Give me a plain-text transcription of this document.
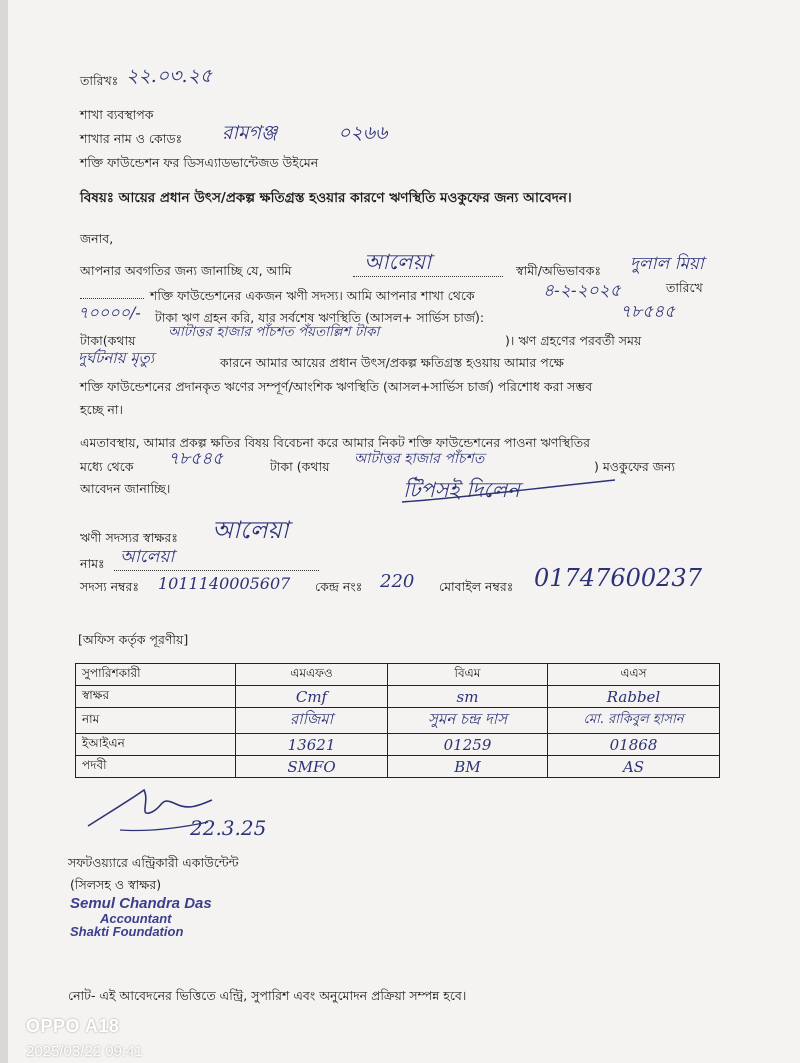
তারিখঃ ২২.০৩.২৫
শাখা ব্যবস্থাপক
শাখার নাম ও কোডঃ রামগঞ্জ	০২৬৬
শক্তি ফাউন্ডেশন ফর ডিসএ্যাডভান্টেজড উইমেন
বিষয়ঃ আয়ের প্রধান উৎস/প্রকল্প ক্ষতিগ্রস্ত হওয়ার কারণে ঋণস্থিতি মওকুফের জন্য আবেদন।
জনাব,
আপনার অবগতির জন্য জানাচ্ছি যে, আমি	আলেয়া	স্বামী/অভিভাবকঃ দুলাল মিয়া
শক্তি ফাউন্ডেশনের একজন ঋণী সদস্য। আমি আপনার শাখা থেকে	৪-২-২০২৫	তারিখে
৭০০০০/- টাকা ঋণ গ্রহন করি, যার সর্বশেষ ঋণস্থিতি (আসল+ সার্ভিস চার্জ):	৭৮৫৪৫
টাকা(কথায়
আটাত্তর হাজার পাঁচশত পঁয়তাল্লিশ টাকা
)। ঋণ গ্রহণের পরবর্তী সময়
দুর্ঘটনায় মৃত্যু	কারনে আমার আয়ের প্রধান উৎস/প্রকল্প ক্ষতিগ্রস্ত হওয়ায় আমার পক্ষে
শক্তি ফাউন্ডেশনের প্রদানকৃত ঋণের সম্পূর্ণ/আংশিক ঋণস্থিতি (আসল+সার্ভিস চার্জ) পরিশোধ করা সম্ভব
হচ্ছে না।
এমতাবস্থায়, আমার প্রকল্প ক্ষতির বিষয় বিবেচনা করে আমার নিকট শক্তি ফাউন্ডেশনের পাওনা ঋণস্থিতির
মধ্যে থেকে ৭৮৫৪৫	টাকা (কথায় আটাত্তর হাজার পাঁচশত	) মওকুফের জন্য
আবেদন জানাচ্ছি।	টিপসই দিলেন
ঋণী সদস্যর স্বাক্ষরঃ আলেয়া
নামঃ আলেয়া
সদস্য নম্বরঃ 1011140005607 কেন্দ্র নংঃ 220 মোবাইল নম্বরঃ 01747600237
[অফিস কর্তৃক পূরণীয়]
সুপারিশকারী	এমএফও	বিএম	এএস
স্বাক্ষর	Cmf	sm	Rabbel
নাম	রাজিমা	সুমন চন্দ্র দাস	মো. রাকিবুল হাসান
ইআইএন	13621	01259	01868
পদবী	SMFO	BM	AS
22.3.25
সফটওয়্যারে এন্ট্রিকারী একাউন্টেন্ট
(সিলসহ ও স্বাক্ষর)
Semul Chandra Das
Accountant
Shakti Foundation
নোট- এই আবেদনের ভিত্তিতে এন্ট্রি, সুপারিশ এবং অনুমোদন প্রক্রিয়া সম্পন্ন হবে।
OPPO A18
2025/03/22 09:41
